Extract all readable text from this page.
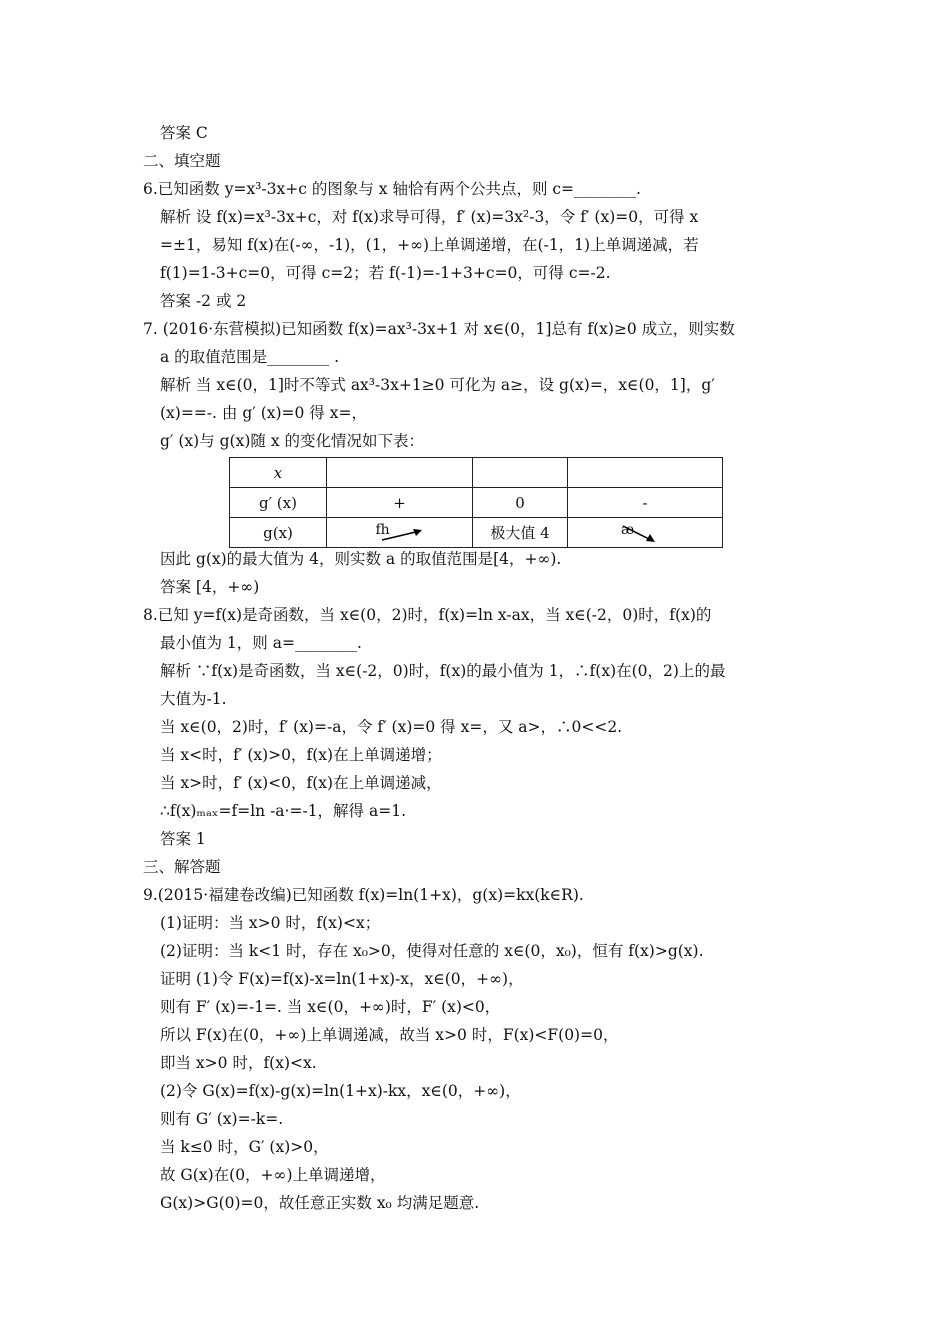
答案 C
二、填空题
6.已知函数 y=x³-3x+c 的图象与 x 轴恰有两个公共点，则 c=________.
解析 设 f(x)=x³-3x+c，对 f(x)求导可得，f′ (x)=3x²-3，令 f′ (x)=0，可得 x
=±1，易知 f(x)在(-∞，-1)，(1，+∞)上单调递增，在(-1，1)上单调递减，若
f(1)=1-3+c=0，可得 c=2；若 f(-1)=-1+3+c=0，可得 c=-2.
答案 -2 或 2
7. (2016·东营模拟)已知函数 f(x)=ax³-3x+1 对 x∈(0，1]总有 f(x)≥0 成立，则实数
a 的取值范围是________ .
解析 当 x∈(0，1]时不等式 ax³-3x+1≥0 可化为 a≥，设 g(x)=，x∈(0，1]，g′
(x)==-. 由 g′ (x)=0 得 x=，
g′ (x)与 g(x)随 x 的变化情况如下表：
x			
g′ (x)	+	0	-
g(x)	fh	极大值 4	æ
因此 g(x)的最大值为 4，则实数 a 的取值范围是[4，+∞).
答案 [4，+∞)
8.已知 y=f(x)是奇函数，当 x∈(0，2)时，f(x)=ln x-ax，当 x∈(-2，0)时，f(x)的
最小值为 1，则 a=________.
解析 ∵f(x)是奇函数，当 x∈(-2，0)时，f(x)的最小值为 1，∴f(x)在(0，2)上的最
大值为-1.
当 x∈(0，2)时，f′ (x)=-a，令 f′ (x)=0 得 x=，又 a>，∴0<<2.
当 x<时，f′ (x)>0，f(x)在上单调递增；
当 x>时，f′ (x)<0，f(x)在上单调递减，
∴f(x)ₘₐₓ=f=ln -a·=-1，解得 a=1.
答案 1
三、解答题
9.(2015·福建卷改编)已知函数 f(x)=ln(1+x)，g(x)=kx(k∈R).
(1)证明：当 x>0 时，f(x)<x；
(2)证明：当 k<1 时，存在 x₀>0，使得对任意的 x∈(0，x₀)，恒有 f(x)>g(x).
证明 (1)令 F(x)=f(x)-x=ln(1+x)-x，x∈(0，+∞)，
则有 F′ (x)=-1=. 当 x∈(0，+∞)时，F′ (x)<0，
所以 F(x)在(0，+∞)上单调递减，故当 x>0 时，F(x)<F(0)=0，
即当 x>0 时，f(x)<x.
(2)令 G(x)=f(x)-g(x)=ln(1+x)-kx，x∈(0，+∞)，
则有 G′ (x)=-k=.
当 k≤0 时，G′ (x)>0，
故 G(x)在(0，+∞)上单调递增，
G(x)>G(0)=0，故任意正实数 x₀ 均满足题意.
